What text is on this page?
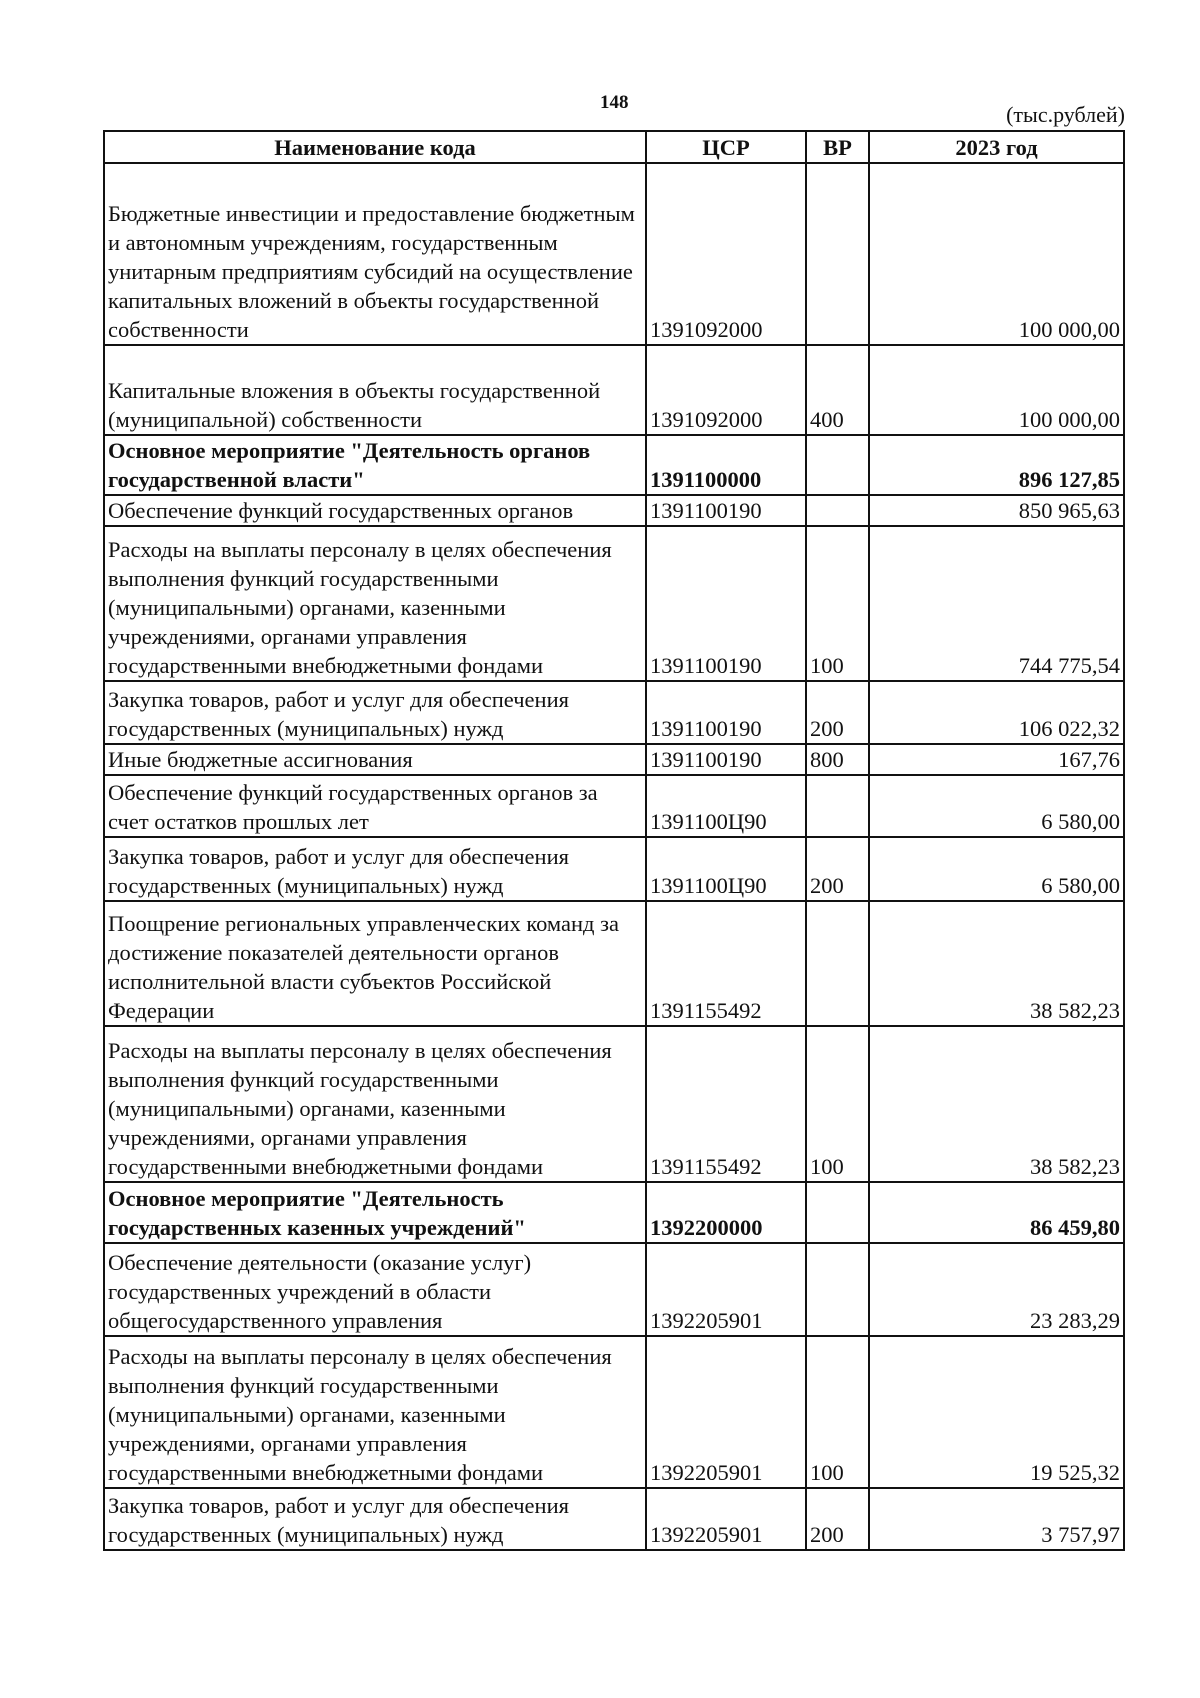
148	(тыс.рублей)
Наименование кода	ЦСР	ВР	2023 год
Бюджетные инвестиции и предоставление бюджетным и автономным учреждениям, государственным унитарным предприятиям субсидий на осуществление капитальных вложений в объекты государственной собственности	1391092000		100 000,00
Капитальные вложения в объекты государственной (муниципальной) собственности	1391092000	400	100 000,00
Основное мероприятие "Деятельность органов государственной власти"	1391100000		896 127,85
Обеспечение функций государственных органов	1391100190		850 965,63
Расходы на выплаты персоналу в целях обеспечения выполнения функций государственными (муниципальными) органами, казенными учреждениями, органами управления государственными внебюджетными фондами	1391100190	100	744 775,54
Закупка товаров, работ и услуг для обеспечения государственных (муниципальных) нужд	1391100190	200	106 022,32
Иные бюджетные ассигнования	1391100190	800	167,76
Обеспечение функций государственных органов за счет остатков прошлых лет	1391100Ц90		6 580,00
Закупка товаров, работ и услуг для обеспечения государственных (муниципальных) нужд	1391100Ц90	200	6 580,00
Поощрение региональных управленческих команд за достижение показателей деятельности органов исполнительной власти субъектов Российской Федерации	1391155492		38 582,23
Расходы на выплаты персоналу в целях обеспечения выполнения функций государственными (муниципальными) органами, казенными учреждениями, органами управления государственными внебюджетными фондами	1391155492	100	38 582,23
Основное мероприятие "Деятельность государственных казенных учреждений"	1392200000		86 459,80
Обеспечение деятельности (оказание услуг) государственных учреждений в области общегосударственного управления	1392205901		23 283,29
Расходы на выплаты персоналу в целях обеспечения выполнения функций государственными (муниципальными) органами, казенными учреждениями, органами управления государственными внебюджетными фондами	1392205901	100	19 525,32
Закупка товаров, работ и услуг для обеспечения государственных (муниципальных) нужд	1392205901	200	3 757,97
